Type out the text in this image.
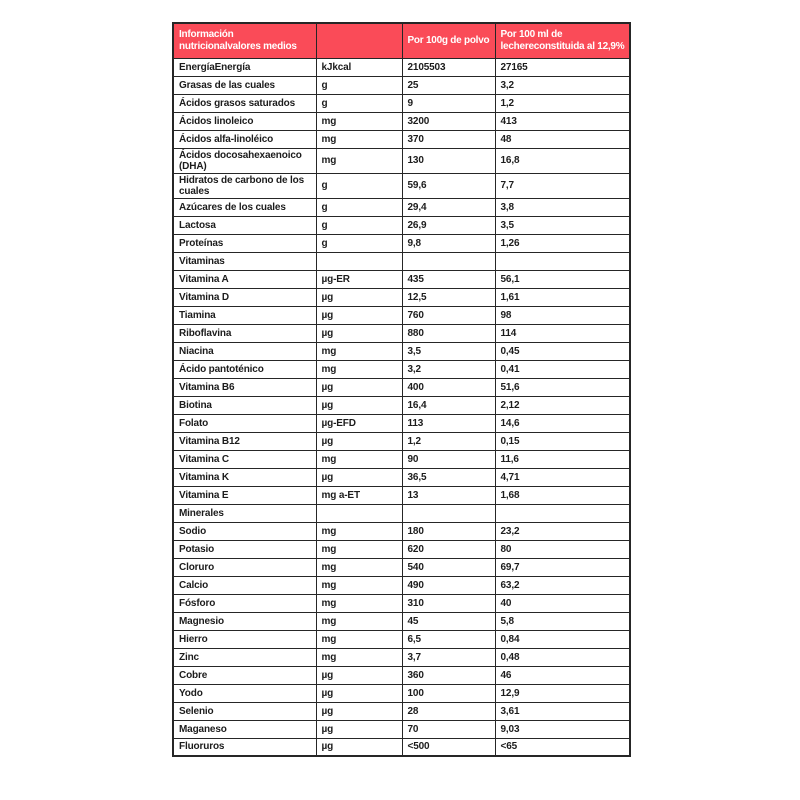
Información nutricionalvalores medios		Por 100g de polvo	Por 100 ml de lechereconstituida al 12,9%
EnergíaEnergía	kJkcal	2105503	27165
Grasas de las cuales	g	25	3,2
Ácidos grasos saturados	g	9	1,2
Ácidos linoleico	mg	3200	413
Ácidos alfa-linoléico	mg	370	48
Ácidos docosahexaenoico (DHA)	mg	130	16,8
Hidratos de carbono de los cuales	g	59,6	7,7
Azúcares de los cuales	g	29,4	3,8
Lactosa	g	26,9	3,5
Proteínas	g	9,8	1,26
Vitaminas			
Vitamina A	µg-ER	435	56,1
Vitamina D	µg	12,5	1,61
Tiamina	µg	760	98
Riboflavina	µg	880	114
Niacina	mg	3,5	0,45
Ácido pantoténico	mg	3,2	0,41
Vitamina B6	µg	400	51,6
Biotina	µg	16,4	2,12
Folato	µg-EFD	113	14,6
Vitamina B12	µg	1,2	0,15
Vitamina C	mg	90	11,6
Vitamina K	µg	36,5	4,71
Vitamina E	mg a-ET	13	1,68
Minerales			
Sodio	mg	180	23,2
Potasio	mg	620	80
Cloruro	mg	540	69,7
Calcio	mg	490	63,2
Fósforo	mg	310	40
Magnesio	mg	45	5,8
Hierro	mg	6,5	0,84
Zinc	mg	3,7	0,48
Cobre	µg	360	46
Yodo	µg	100	12,9
Selenio	µg	28	3,61
Maganeso	µg	70	9,03
Fluoruros	µg	<500	<65
